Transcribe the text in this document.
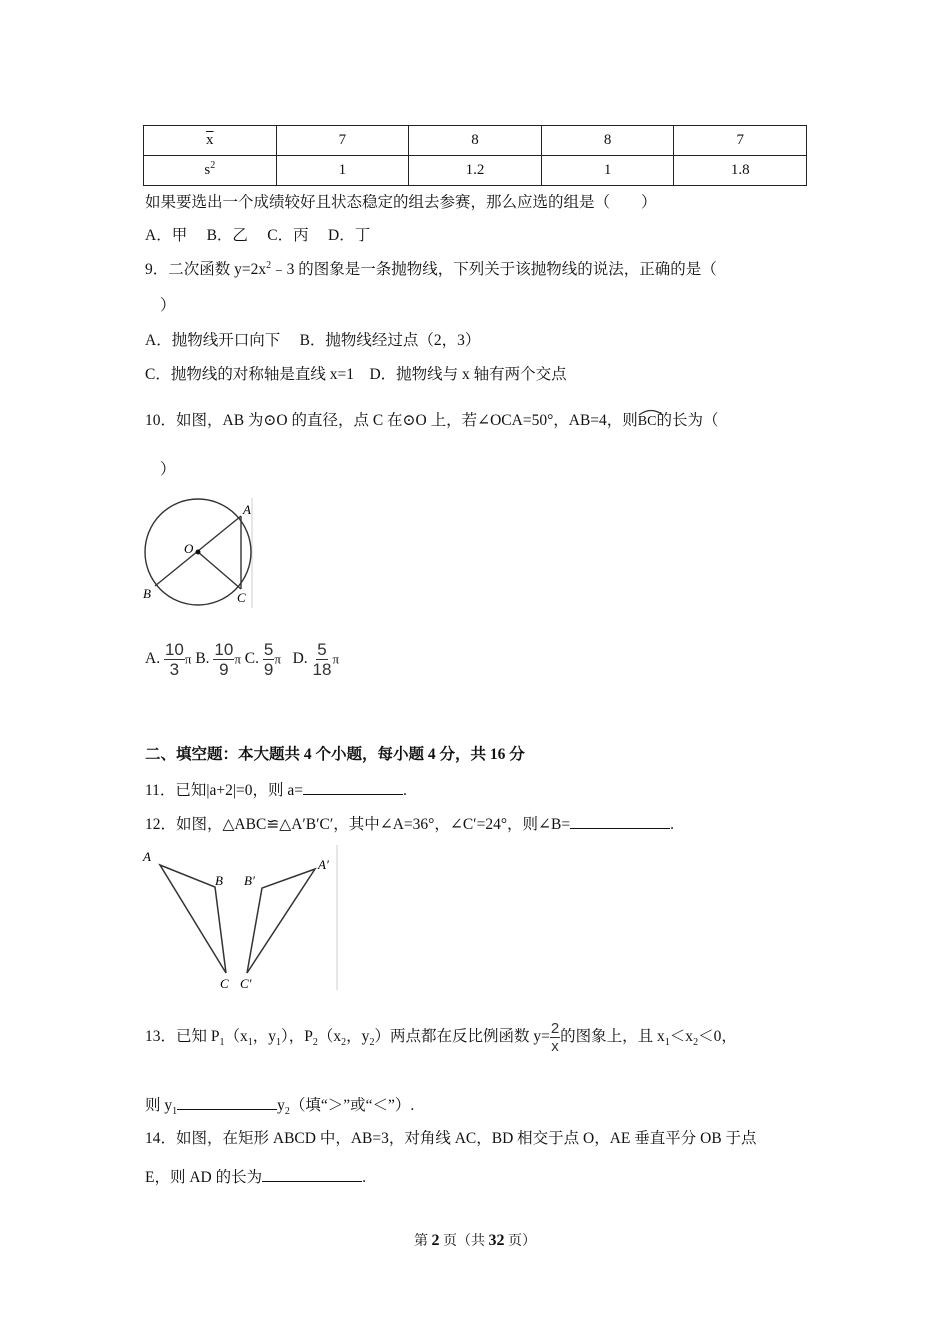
$\overline{x}$	7	8	8	7
$s^2$	1	1.2	1	1.8
如果要选出一个成绩较好且状态稳定的组去参赛，那么应选的组是（　　）
A．甲　 B．乙　 C．丙　 D．丁
9．二次函数 $y=2x^2﹣3$ 的图象是一条抛物线，下列关于该抛物线的说法，正确的是（
）
A．抛物线开口向下　 B．抛物线经过点（2，3）
C．抛物线的对称轴是直线 x=1　D．抛物线与 x 轴有两个交点
10．如图，AB 为⊙O 的直径，点 C 在⊙O 上，若∠OCA=50°，AB=4，则
BC的长为（
）
A
O
B	C
A. $\frac{10}{3}$ π B. $\frac{10}{9}$ π C. $\frac{5}{9}$ π D. $\frac{5}{18}$ π
二、填空题：本大题共 4 个小题，每小题 4 分，共 16 分
11．已知|a+2|=0，则 a=	.
12．如图，△ABC≌△A′B′C′，其中∠A=36°，∠C′=24°，则∠B=	.
A
B
C
A′
B′
C′
13．已知 $P_1(x_1$，$y_1$），$P_2(x_2$，$y_2$）两点都在反比例函数 $y= \frac{2}{x}$ 的图象上，且 $x_1<x_2<0$，
则 $y_1$	$y_2$（填“＞”或“＜”）.
14．如图，在矩形 ABCD 中，AB=3，对角线 AC，BD 相交于点 O，AE 垂直平分 OB 于点
E，则 AD 的长为	.
第 2 页（共 32 页）
